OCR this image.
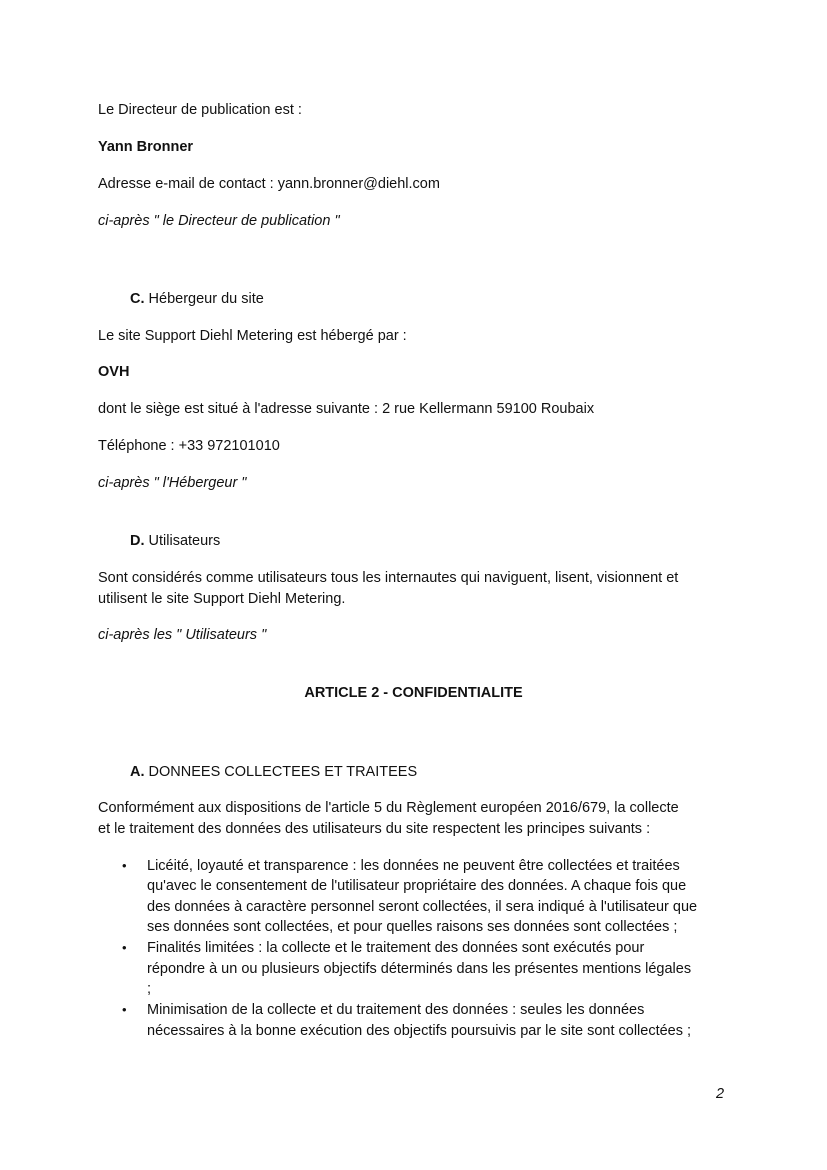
Le Directeur de publication est :
Yann Bronner
Adresse e-mail de contact : yann.bronner@diehl.com
ci-après " le Directeur de publication "
C. Hébergeur du site
Le site Support Diehl Metering est hébergé par :
OVH
dont le siège est situé à l'adresse suivante : 2 rue Kellermann 59100 Roubaix
Téléphone : +33 972101010
ci-après " l'Hébergeur "
D. Utilisateurs
Sont considérés comme utilisateurs tous les internautes qui naviguent, lisent, visionnent et
utilisent le site Support Diehl Metering.
ci-après les " Utilisateurs "
ARTICLE 2 - CONFIDENTIALITE
A. DONNEES COLLECTEES ET TRAITEES
Conformément aux dispositions de l'article 5 du Règlement européen 2016/679, la collecte
et le traitement des données des utilisateurs du site respectent les principes suivants :
•	Licéité, loyauté et transparence : les données ne peuvent être collectées et traitées
qu'avec le consentement de l'utilisateur propriétaire des données. A chaque fois que
des données à caractère personnel seront collectées, il sera indiqué à l'utilisateur que
ses données sont collectées, et pour quelles raisons ses données sont collectées ;
•	Finalités limitées : la collecte et le traitement des données sont exécutés pour
répondre à un ou plusieurs objectifs déterminés dans les présentes mentions légales
;
•	Minimisation de la collecte et du traitement des données : seules les données
nécessaires à la bonne exécution des objectifs poursuivis par le site sont collectées ;
2
